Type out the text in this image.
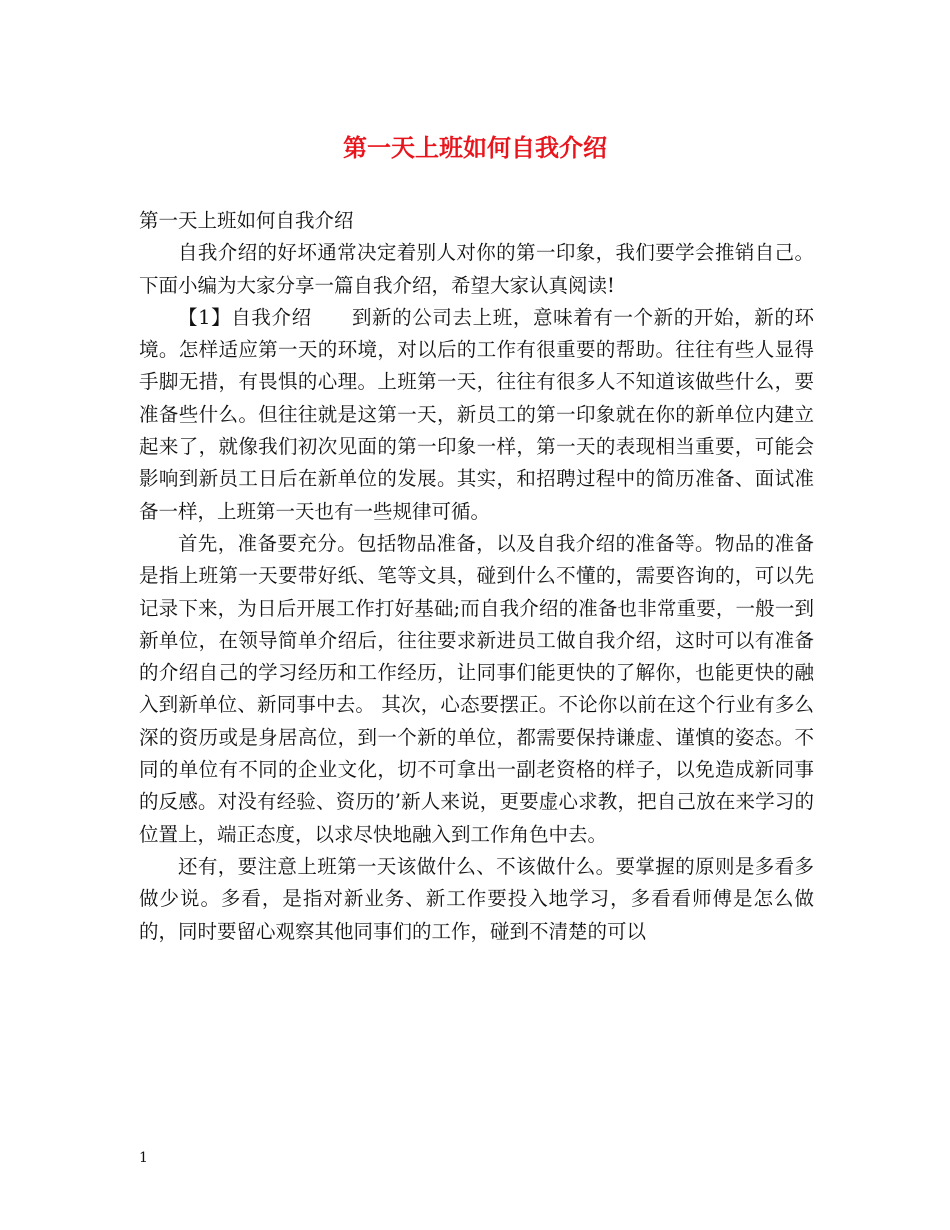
第一天上班如何自我介绍

第一天上班如何自我介绍

自我介绍的好坏通常决定着别人对你的第一印象，我们要学会推销自己。下面小编为大家分享一篇自我介绍，希望大家认真阅读!

【1】自我介绍　　到新的公司去上班，意味着有一个新的开始，新的环境。怎样适应第一天的环境，对以后的工作有很重要的帮助。往往有些人显得手脚无措，有畏惧的心理。上班第一天，往往有很多人不知道该做些什么，要准备些什么。但往往就是这第一天，新员工的第一印象就在你的新单位内建立起来了，就像我们初次见面的第一印象一样，第一天的表现相当重要，可能会影响到新员工日后在新单位的发展。其实，和招聘过程中的简历准备、面试准备一样，上班第一天也有一些规律可循。

首先，准备要充分。包括物品准备，以及自我介绍的准备等。物品的准备是指上班第一天要带好纸、笔等文具，碰到什么不懂的，需要咨询的，可以先记录下来，为日后开展工作打好基础;而自我介绍的准备也非常重要，一般一到新单位，在领导简单介绍后，往往要求新进员工做自我介绍，这时可以有准备的介绍自己的学习经历和工作经历，让同事们能更快的了解你，也能更快的融入到新单位、新同事中去。 其次，心态要摆正。不论你以前在这个行业有多么深的资历或是身居高位，到一个新的单位，都需要保持谦虚、谨慎的姿态。不同的单位有不同的企业文化，切不可拿出一副老资格的样子，以免造成新同事的反感。对没有经验、资历的’新人来说，更要虚心求教，把自己放在来学习的位置上，端正态度，以求尽快地融入到工作角色中去。

还有，要注意上班第一天该做什么、不该做什么。要掌握的原则是多看多做少说。多看，是指对新业务、新工作要投入地学习，多看看师傅是怎么做的，同时要留心观察其他同事们的工作，碰到不清楚的可以

1
